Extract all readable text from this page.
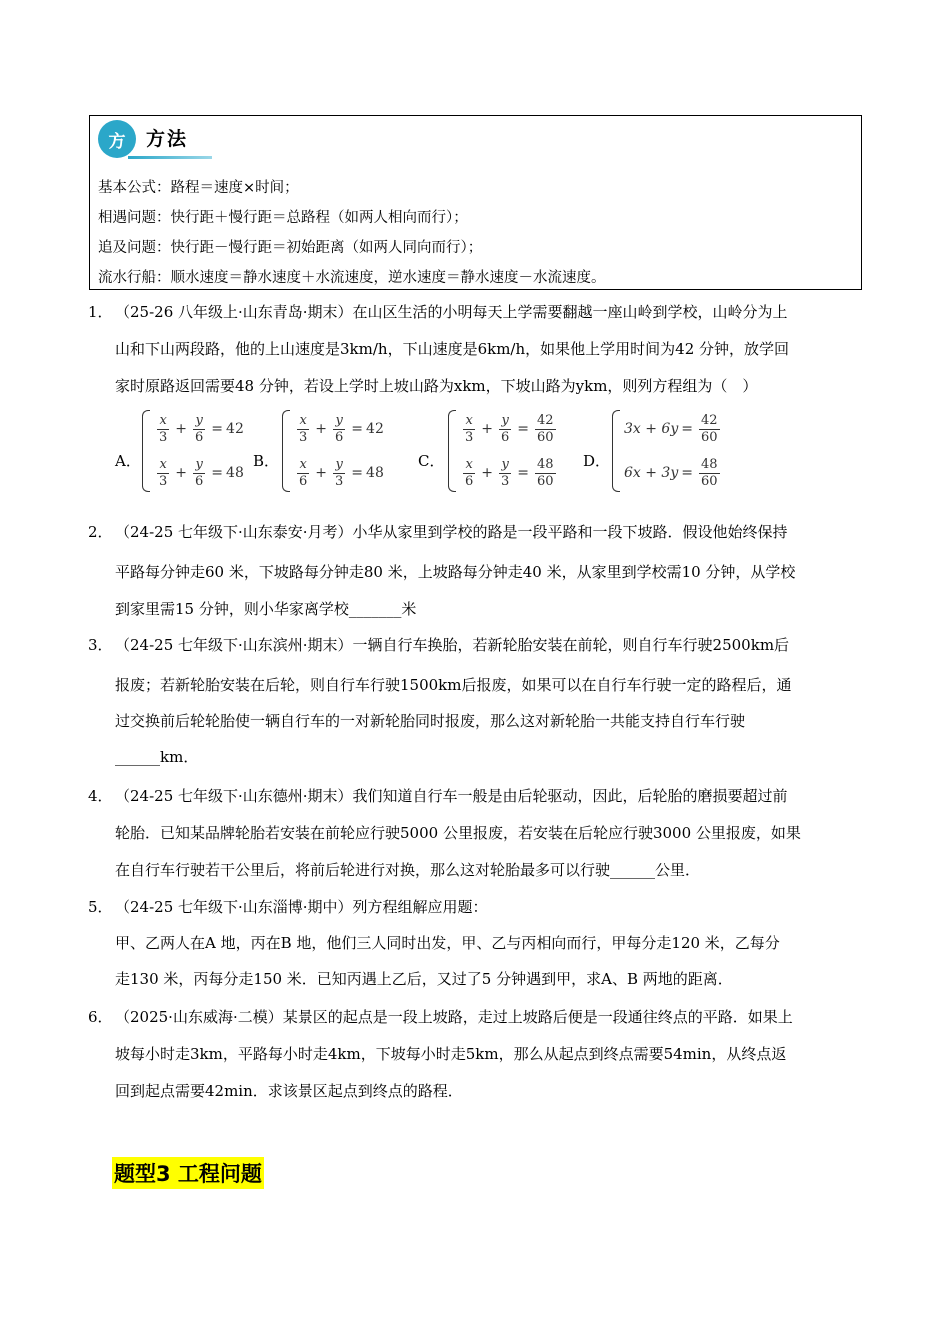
方	方法
基本公式：路程＝速度×时间；
相遇问题：快行距＋慢行距＝总路程（如两人相向而行）；
追及问题：快行距－慢行距＝初始距离（如两人同向而行）；
流水行船：顺水速度＝静水速度＋水流速度，逆水速度＝静水速度－水流速度。
1． （25-26 八年级上·山东青岛·期末）在山区生活的小明每天上学需要翻越一座山岭到学校，山岭分为上
山和下山两段路，他的上山速度是3km/h，下山速度是6km/h，如果他上学用时间为42 分钟，放学回
家时原路返回需要48 分钟，若设上学时上坡山路为xkm，下坡山路为ykm，则列方程组为（　）
A．
$\frac{x}{3} + \frac{y}{6} = 42$
$\frac{x}{3} + \frac{y}{6} = 48$
B．
$\frac{x}{3} + \frac{y}{6} = 42$
$\frac{x}{6} + \frac{y}{3} = 48$
C．
$\frac{x}{3} + \frac{y}{6} = \frac{42}{60}$
$\frac{x}{6} + \frac{y}{3} = \frac{48}{60}$ D．
$3x + 6y = \frac{42}{60}$
$6x + 3y = \frac{48}{60}$
2． （24-25 七年级下·山东泰安·月考）小华从家里到学校的路是一段平路和一段下坡路．假设他始终保持
平路每分钟走60 米，下坡路每分钟走80 米，上坡路每分钟走40 米，从家里到学校需10 分钟，从学校
到家里需15 分钟，则小华家离学校_______米
3． （24-25 七年级下·山东滨州·期末）一辆自行车换胎，若新轮胎安装在前轮，则自行车行驶2500km后
报废；若新轮胎安装在后轮，则自行车行驶1500km后报废，如果可以在自行车行驶一定的路程后，通
过交换前后轮轮胎使一辆自行车的一对新轮胎同时报废，那么这对新轮胎一共能支持自行车行驶
______km．
4． （24-25 七年级下·山东德州·期末）我们知道自行车一般是由后轮驱动，因此，后轮胎的磨损要超过前
轮胎．已知某品牌轮胎若安装在前轮应行驶5000 公里报废，若安装在后轮应行驶3000 公里报废，如果
在自行车行驶若干公里后，将前后轮进行对换，那么这对轮胎最多可以行驶______公里．
5． （24-25 七年级下·山东淄博·期中）列方程组解应用题：
甲、乙两人在A 地，丙在B 地，他们三人同时出发，甲、乙与丙相向而行，甲每分走120 米，乙每分
走130 米，丙每分走150 米．已知丙遇上乙后，又过了5 分钟遇到甲，求A、B 两地的距离．
6． （2025·山东威海·二模）某景区的起点是一段上坡路，走过上坡路后便是一段通往终点的平路．如果上
坡每小时走3km，平路每小时走4km，下坡每小时走5km，那么从起点到终点需要54min，从终点返
回到起点需要42min．求该景区起点到终点的路程．
题型3 工程问题
